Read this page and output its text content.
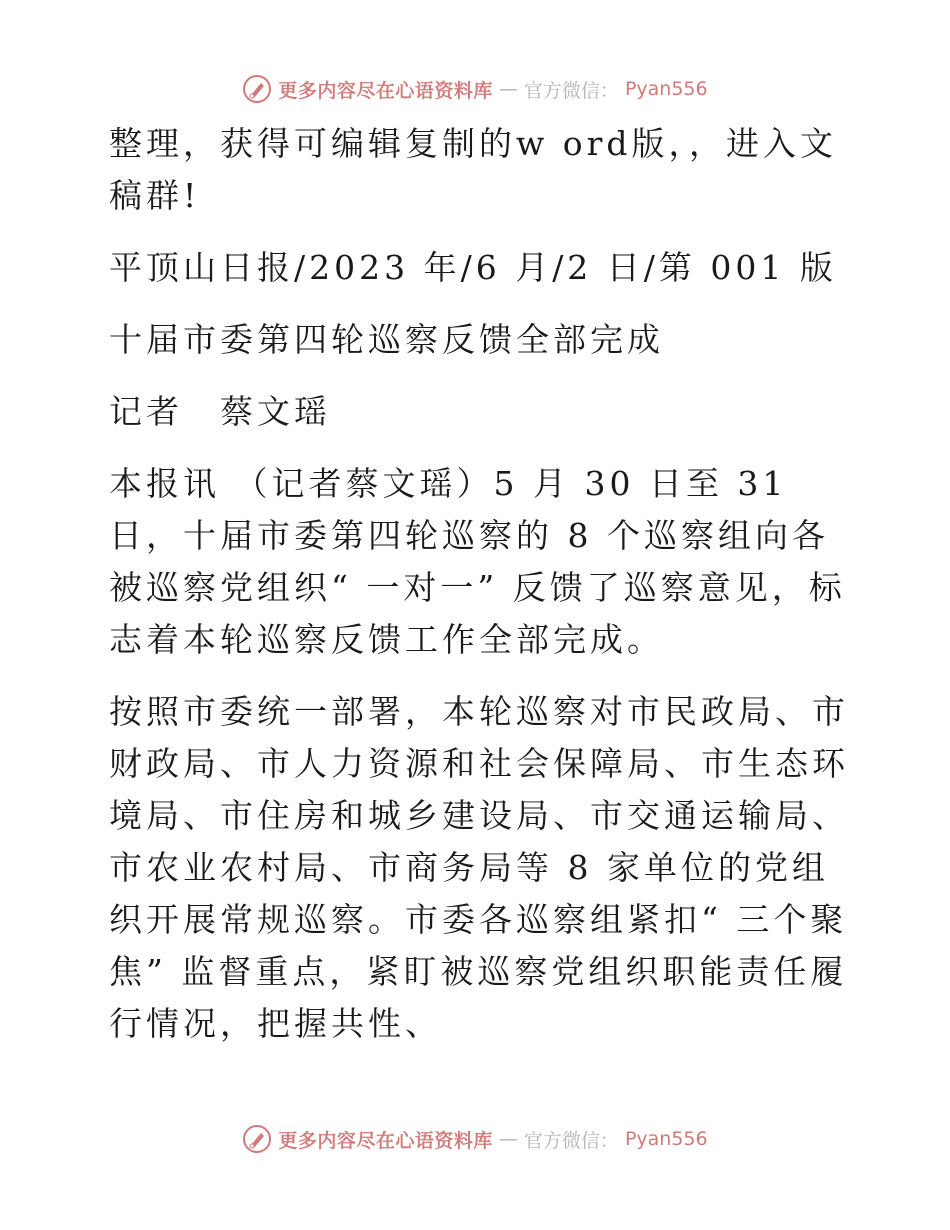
更多内容尽在心语资料库 — 官方微信： Pyan556

整理，获得可编辑复制的w ord版，，进入文稿群!

平顶山日报/2023 年/6 月/2 日/第 001 版

十届市委第四轮巡察反馈全部完成

记者　蔡文瑶

本报讯 （记者蔡文瑶）5 月 30 日至 31 日，十届市委第四轮巡察的 8 个巡察组向各被巡察党组织“ 一对一” 反馈了巡察意见，标志着本轮巡察反馈工作全部完成。

按照市委统一部署，本轮巡察对市民政局、市财政局、市人力资源和社会保障局、市生态环境局、市住房和城乡建设局、市交通运输局、市农业农村局、市商务局等 8 家单位的党组织开展常规巡察。市委各巡察组紧扣“ 三个聚焦” 监督重点，紧盯被巡察党组织职能责任履行情况，把握共性、

更多内容尽在心语资料库 — 官方微信： Pyan556
